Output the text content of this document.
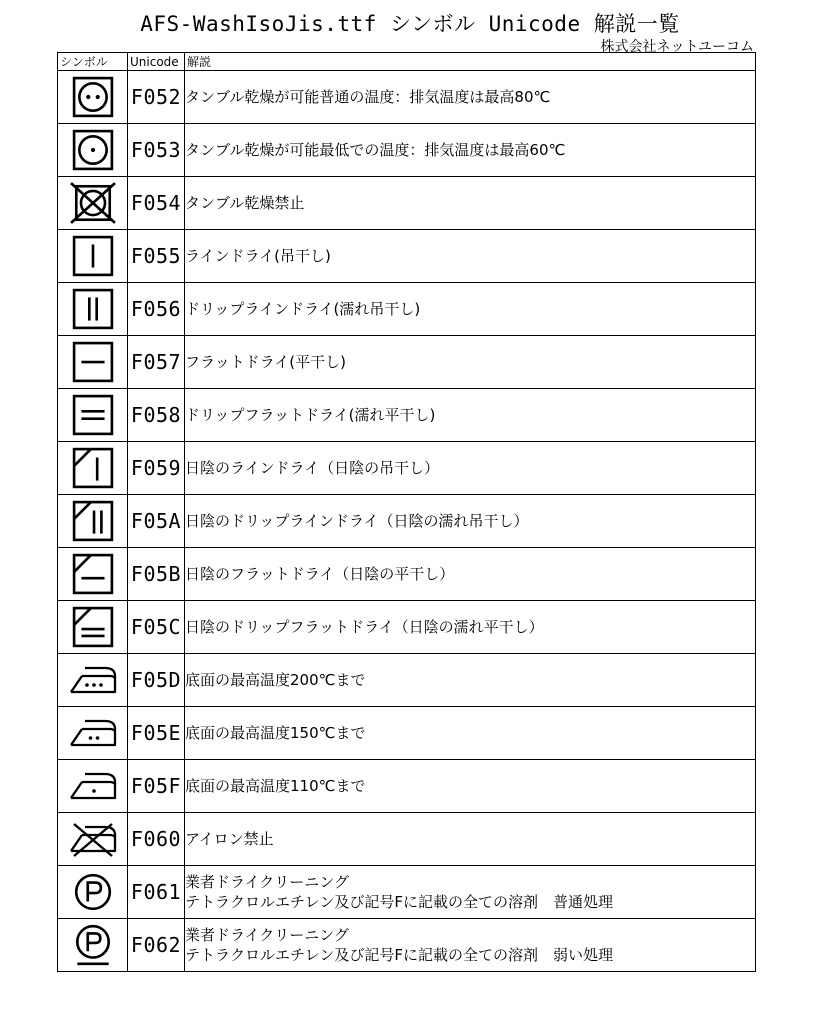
AFS-WashIsoJis.ttf シンボル Unicode 解説一覧
株式会社ネットユーコム
シンボル	Unicode	解説

	F052	タンブル乾燥が可能普通の温度：排気温度は最高80℃

	F053	タンブル乾燥が可能最低での温度：排気温度は最高60℃

	F054	タンブル乾燥禁止

	F055	ラインドライ(吊干し)

	F056	ドリップラインドライ(濡れ吊干し)

	F057	フラットドライ(平干し)

	F058	ドリップフラットドライ(濡れ平干し)

	F059	日陰のラインドライ（日陰の吊干し）

	F05A	日陰のドリップラインドライ（日陰の濡れ吊干し）

	F05B	日陰のフラットドライ（日陰の平干し）

	F05C	日陰のドリップフラットドライ（日陰の濡れ平干し）

	F05D	底面の最高温度200℃まで

	F05E	底面の最高温度150℃まで

	F05F	底面の最高温度110℃まで

	F060	アイロン禁止

	F061	業者ドライクリーニング
テトラクロルエチレン及び記号Fに記載の全ての溶剤　普通処理

	F062	業者ドライクリーニング
テトラクロルエチレン及び記号Fに記載の全ての溶剤　弱い処理
